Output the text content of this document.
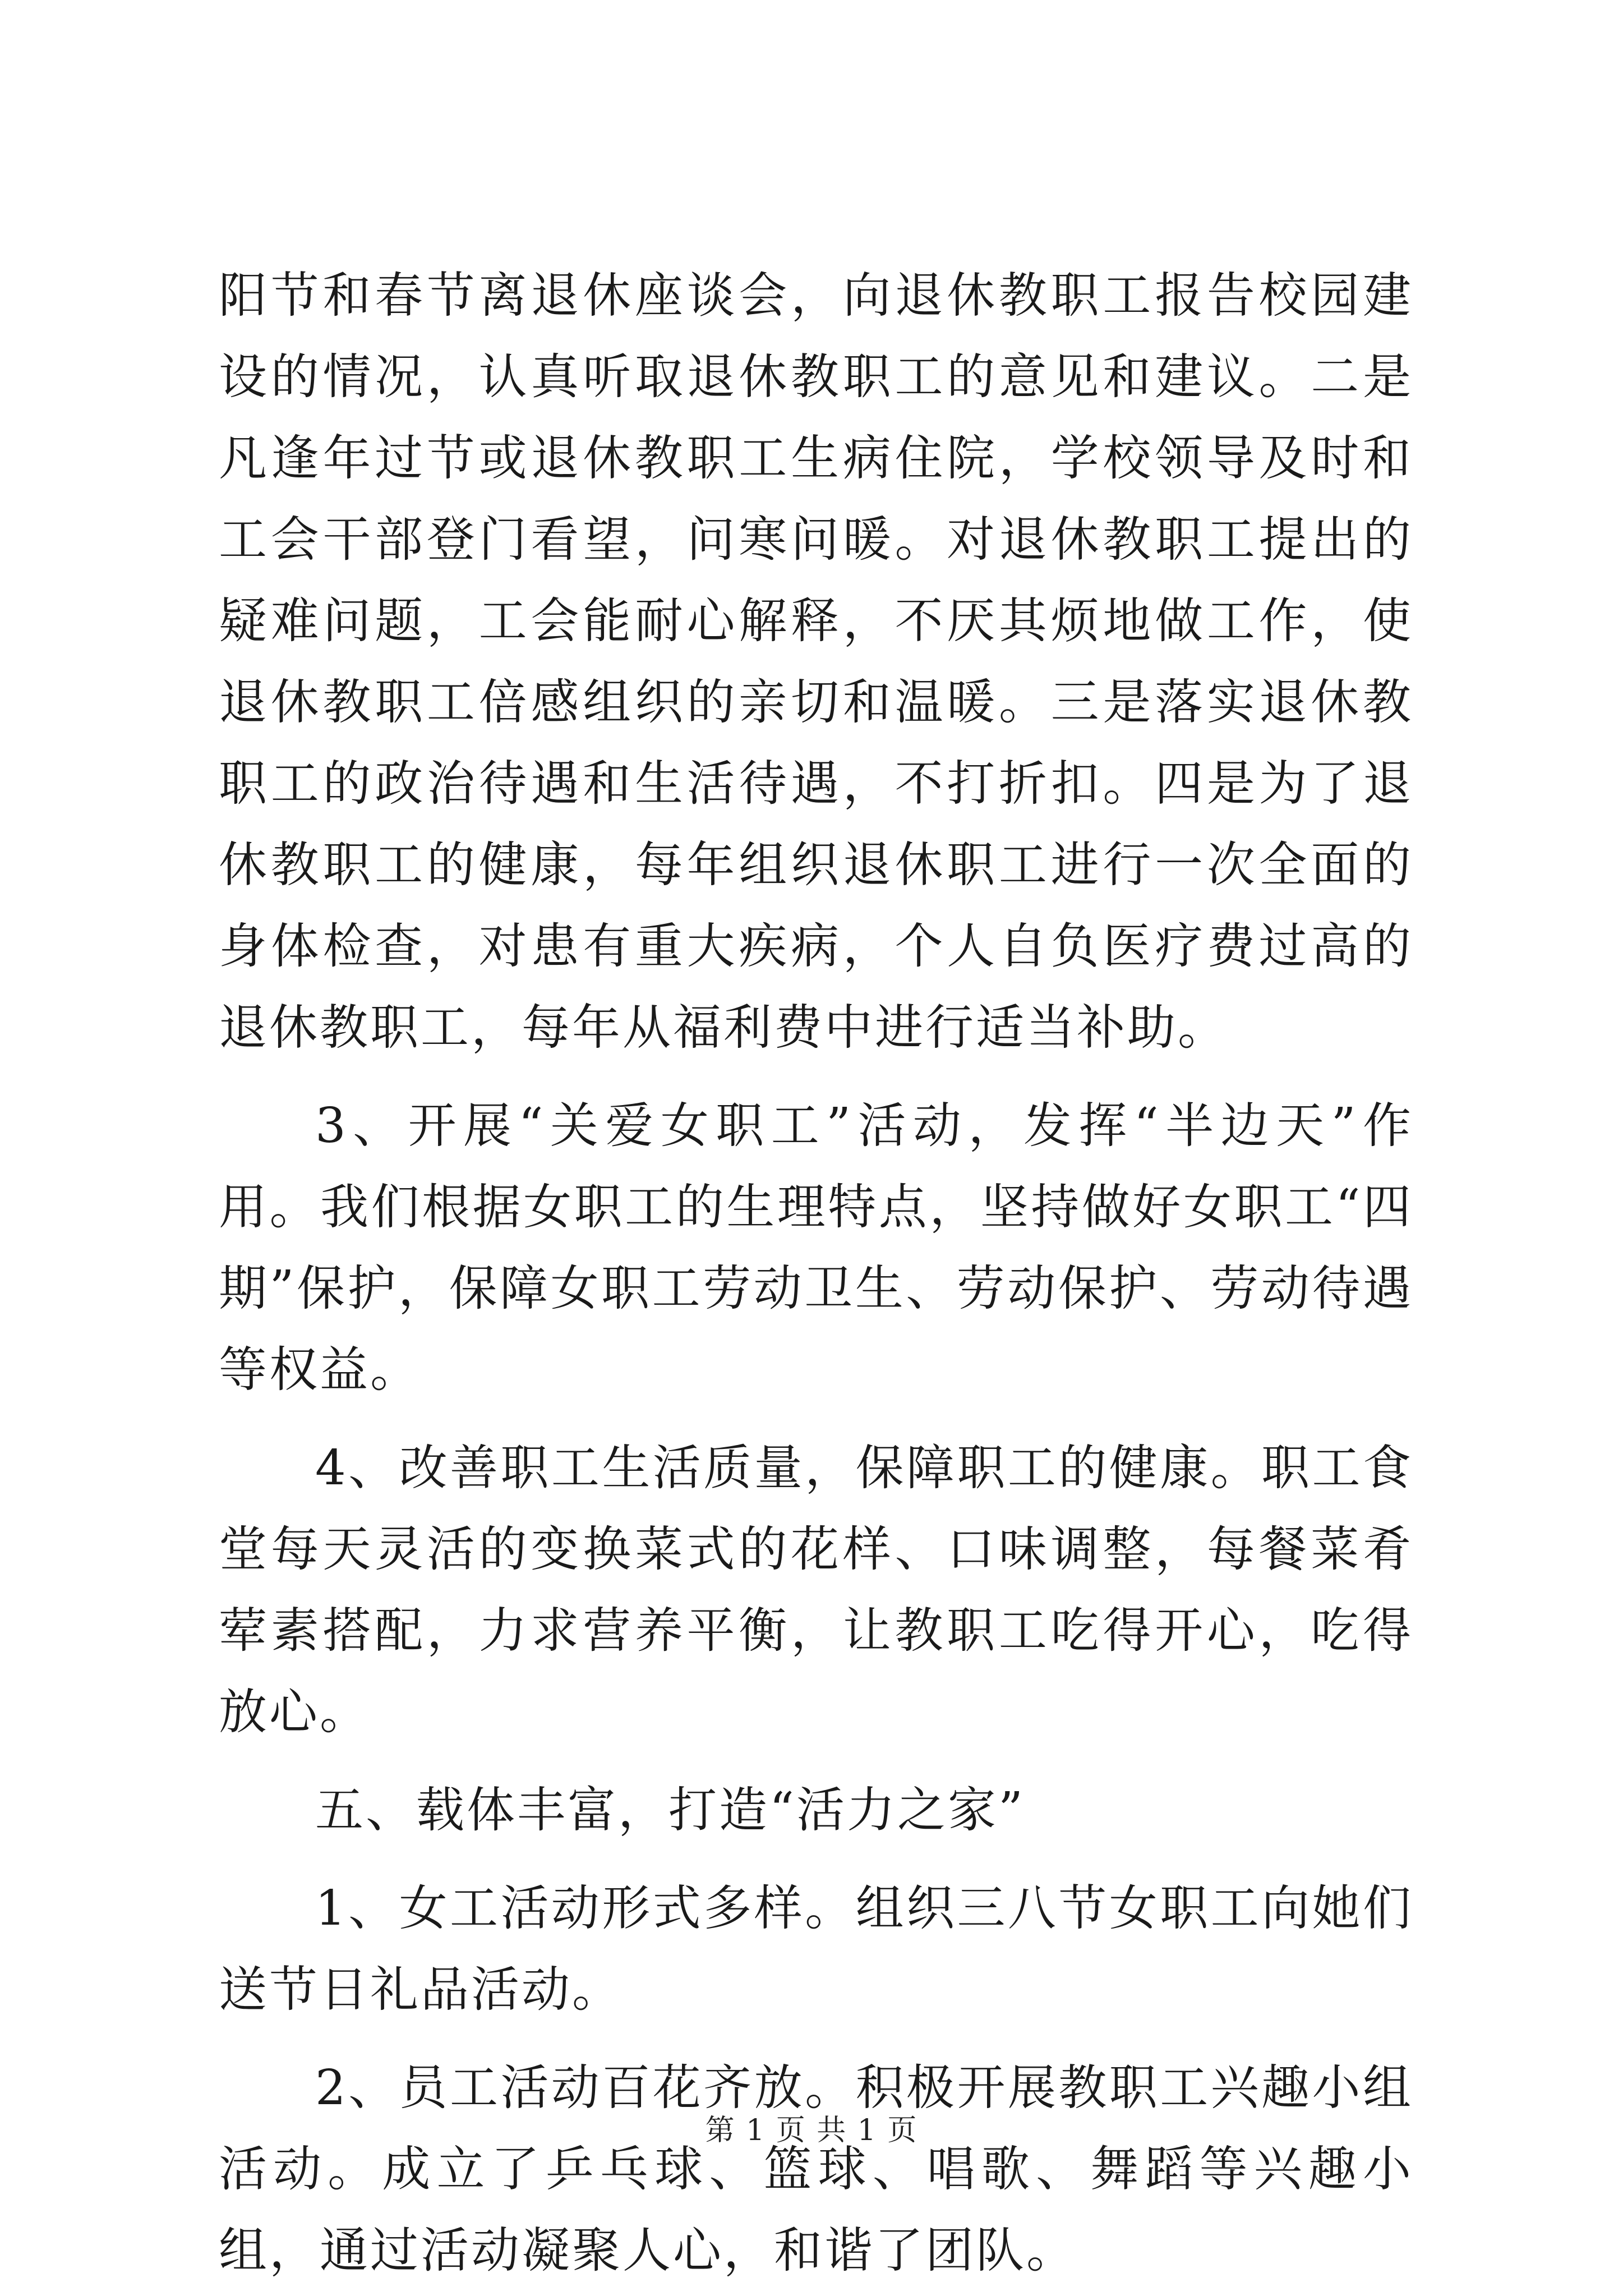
阳节和春节离退休座谈会，向退休教职工报告校园建设的情况，认真听取退休教职工的意见和建议。二是凡逢年过节或退休教职工生病住院，学校领导及时和工会干部登门看望，问寒问暖。对退休教职工提出的疑难问题，工会能耐心解释，不厌其烦地做工作，使退休教职工倍感组织的亲切和温暖。三是落实退休教职工的政治待遇和生活待遇，不打折扣。四是为了退休教职工的健康，每年组织退休职工进行一次全面的身体检查，对患有重大疾病，个人自负医疗费过高的退休教职工，每年从福利费中进行适当补助。

3、开展“关爱女职工”活动，发挥“半边天”作用。我们根据女职工的生理特点，坚持做好女职工“四期”保护，保障女职工劳动卫生、劳动保护、劳动待遇等权益。

4、改善职工生活质量，保障职工的健康。职工食堂每天灵活的变换菜式的花样、口味调整，每餐菜肴荤素搭配，力求营养平衡，让教职工吃得开心，吃得放心。

五、载体丰富，打造“活力之家”

1、女工活动形式多样。组织三八节女职工向她们送节日礼品活动。

2、员工活动百花齐放。积极开展教职工兴趣小组活动。成立了乒乓球、篮球、唱歌、舞蹈等兴趣小组，通过活动凝聚人心，和谐了团队。

第 1 页 共 1 页
